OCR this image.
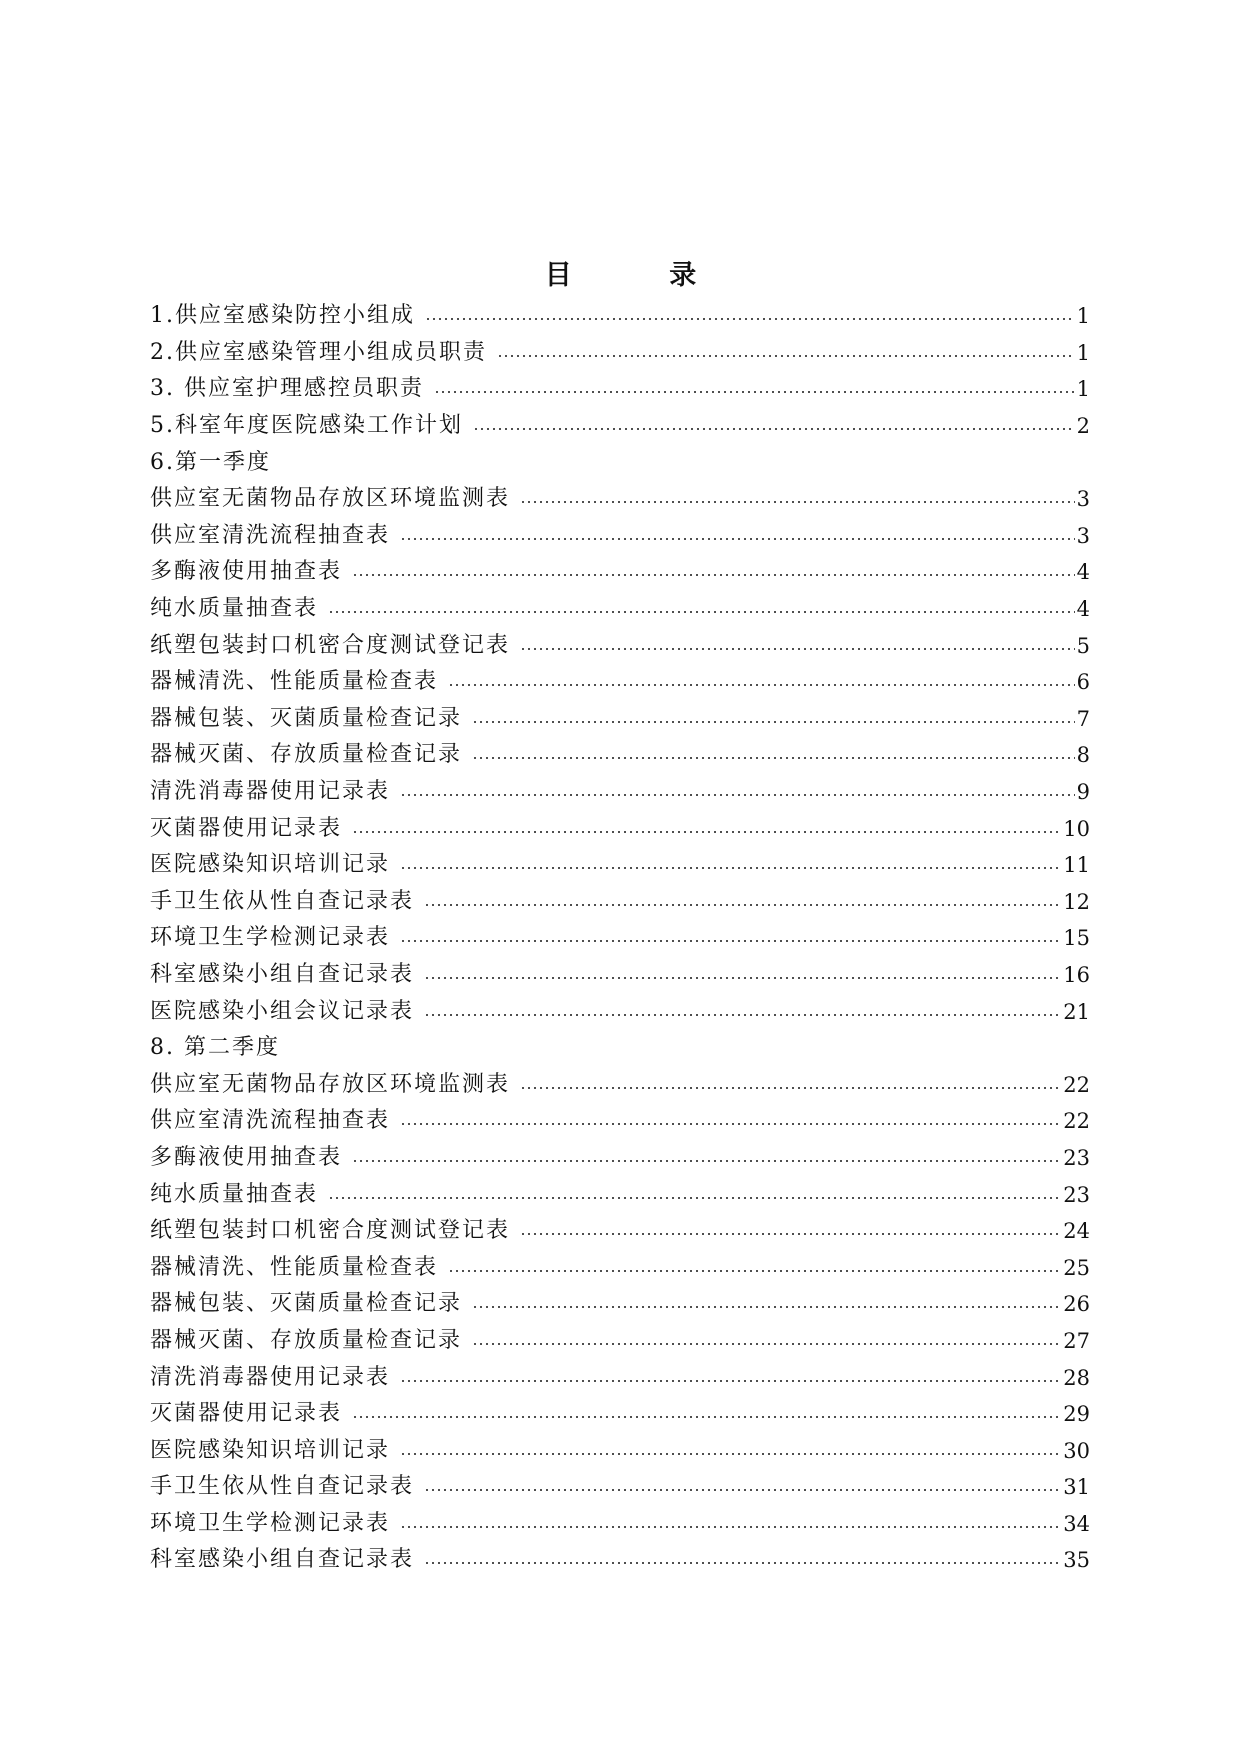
目 录
1.供应室感染防控小组成	1
2.供应室感染管理小组成员职责	1
3. 供应室护理感控员职责	1
5.科室年度医院感染工作计划	2
6.第一季度
供应室无菌物品存放区环境监测表	3
供应室清洗流程抽查表	3
多酶液使用抽查表	4
纯水质量抽查表	4
纸塑包装封口机密合度测试登记表	5
器械清洗、性能质量检查表	6
器械包装、灭菌质量检查记录	7
器械灭菌、存放质量检查记录	8
清洗消毒器使用记录表	9
灭菌器使用记录表	10
医院感染知识培训记录	11
手卫生依从性自查记录表	12
环境卫生学检测记录表	15
科室感染小组自查记录表	16
医院感染小组会议记录表	21
8. 第二季度
供应室无菌物品存放区环境监测表	22
供应室清洗流程抽查表	22
多酶液使用抽查表	23
纯水质量抽查表	23
纸塑包装封口机密合度测试登记表	24
器械清洗、性能质量检查表	25
器械包装、灭菌质量检查记录	26
器械灭菌、存放质量检查记录	27
清洗消毒器使用记录表	28
灭菌器使用记录表	29
医院感染知识培训记录	30
手卫生依从性自查记录表	31
环境卫生学检测记录表	34
科室感染小组自查记录表	35
